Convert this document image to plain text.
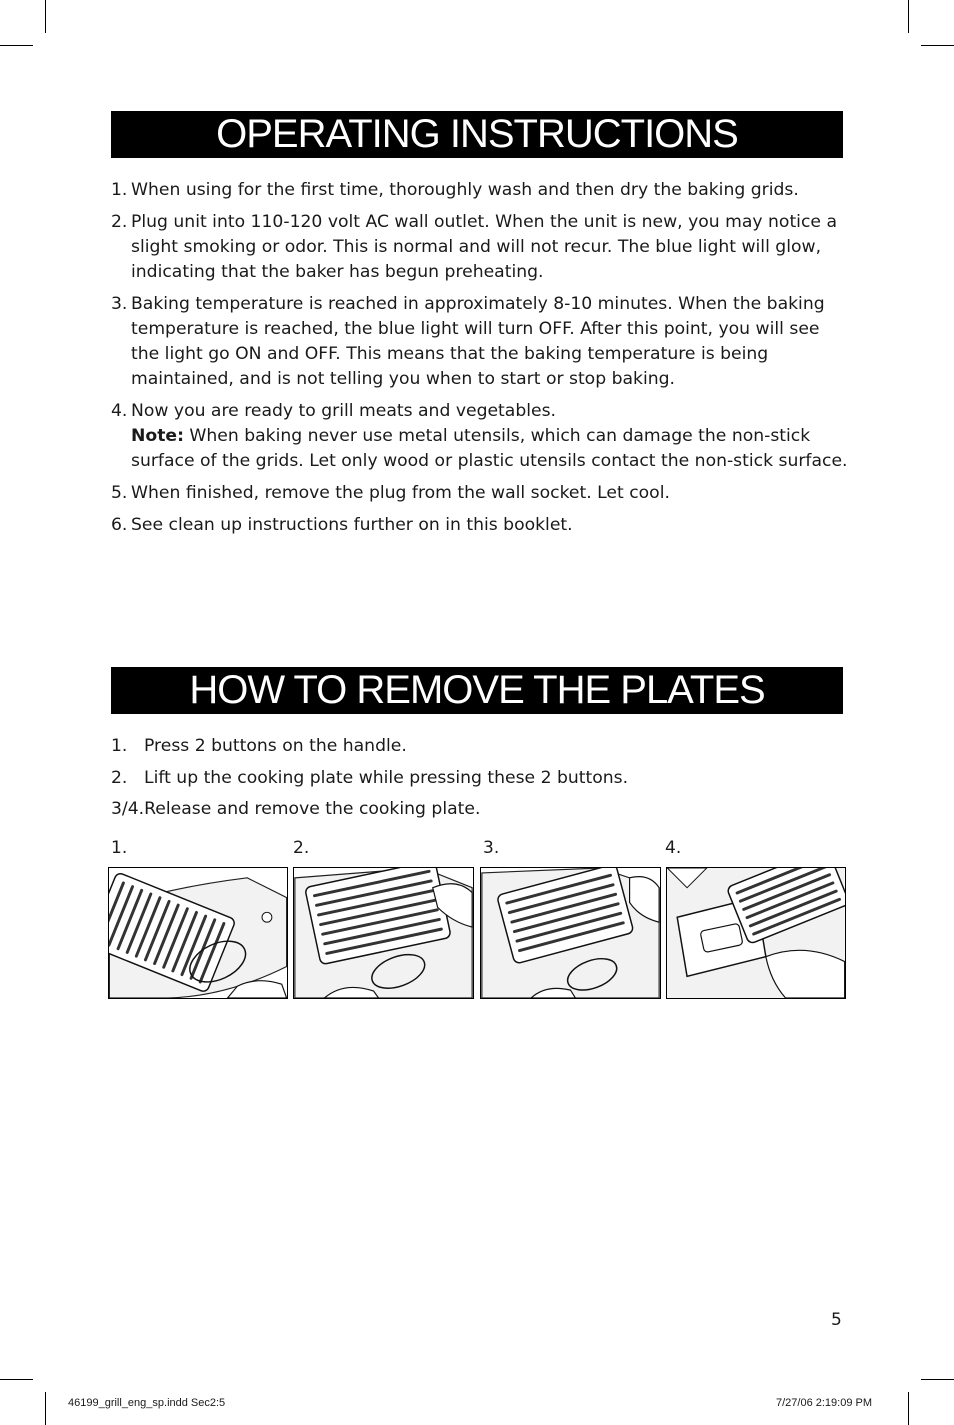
OPERATING INSTRUCTIONS
1. When using for the first time, thoroughly wash and then dry the baking grids.
2. Plug unit into 110-120 volt AC wall outlet. When the unit is new, you may notice a slight smoking or odor. This is normal and will not recur. The blue light will glow, indicating that the baker has begun preheating.
3. Baking temperature is reached in approximately 8-10 minutes. When the baking temperature is reached, the blue light will turn OFF. After this point, you will see the light go ON and OFF. This means that the baking temperature is being maintained, and is not telling you when to start or stop baking.
4. Now you are ready to grill meats and vegetables.
Note: When baking never use metal utensils, which can damage the non-stick surface of the grids. Let only wood or plastic utensils contact the non-stick surface.
5. When finished, remove the plug from the wall socket. Let cool.
6. See clean up instructions further on in this booklet.
HOW TO REMOVE THE PLATES
1. Press 2 buttons on the handle.
2. Lift up the cooking plate while pressing these 2 buttons.
3/4. Release and remove the cooking plate.
1.	2.	3.	4.
5
46199_grill_eng_sp.indd Sec2:5	7/27/06 2:19:09 PM
